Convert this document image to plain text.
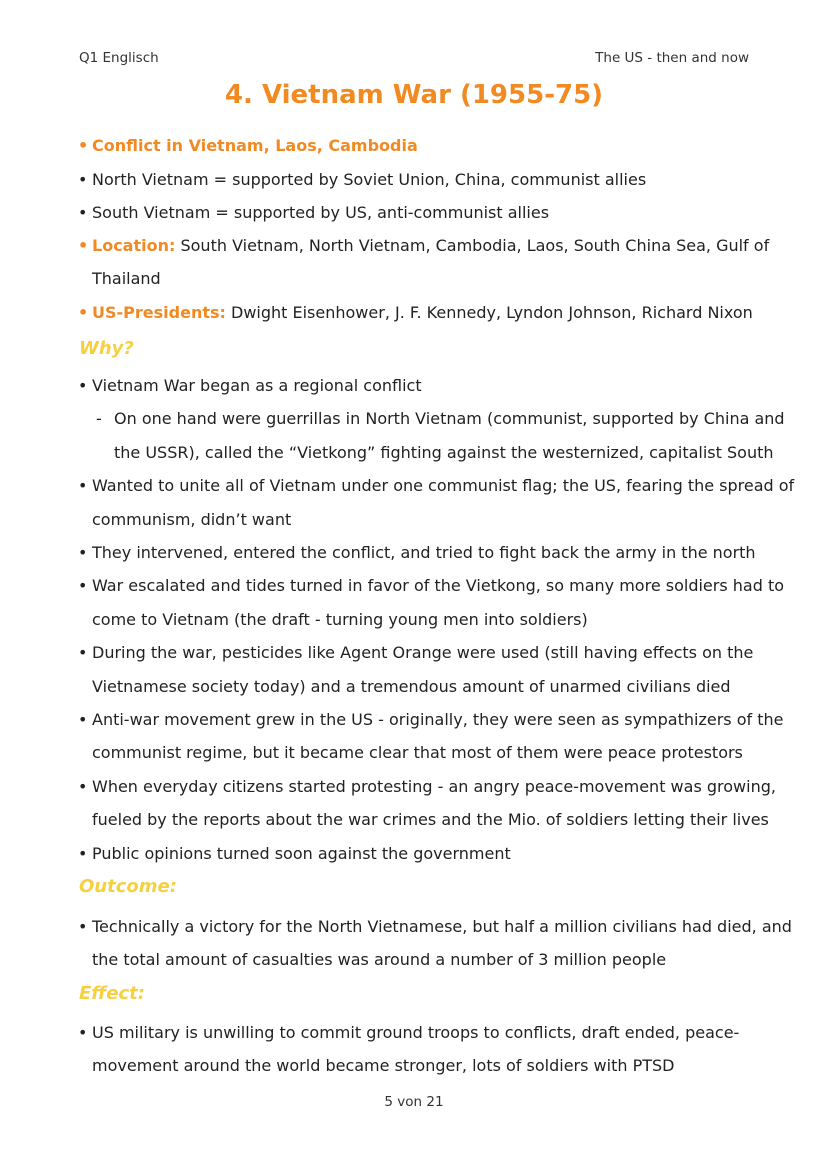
Q1 Englisch	The US - then and now
4. Vietnam War (1955-75)
• Conflict in Vietnam, Laos, Cambodia
• North Vietnam = supported by Soviet Union, China, communist allies
• South Vietnam = supported by US, anti-communist allies
• Location: South Vietnam, North Vietnam, Cambodia, Laos, South China Sea, Gulf of
Thailand
• US-Presidents: Dwight Eisenhower, J. F. Kennedy, Lyndon Johnson, Richard Nixon
Why?
• Vietnam War began as a regional conflict
- On one hand were guerrillas in North Vietnam (communist, supported by China and
the USSR), called the “Vietkong” fighting against the westernized, capitalist South
• Wanted to unite all of Vietnam under one communist flag; the US, fearing the spread of
communism, didn’t want
• They intervened, entered the conflict, and tried to fight back the army in the north
• War escalated and tides turned in favor of the Vietkong, so many more soldiers had to
come to Vietnam (the draft - turning young men into soldiers)
• During the war, pesticides like Agent Orange were used (still having effects on the
Vietnamese society today) and a tremendous amount of unarmed civilians died
• Anti-war movement grew in the US - originally, they were seen as sympathizers of the
communist regime, but it became clear that most of them were peace protestors
• When everyday citizens started protesting - an angry peace-movement was growing,
fueled by the reports about the war crimes and the Mio. of soldiers letting their lives
• Public opinions turned soon against the government
Outcome:
• Technically a victory for the North Vietnamese, but half a million civilians had died, and
the total amount of casualties was around a number of 3 million people
Effect:
• US military is unwilling to commit ground troops to conflicts, draft ended, peace-
movement around the world became stronger, lots of soldiers with PTSD
5 von 21
